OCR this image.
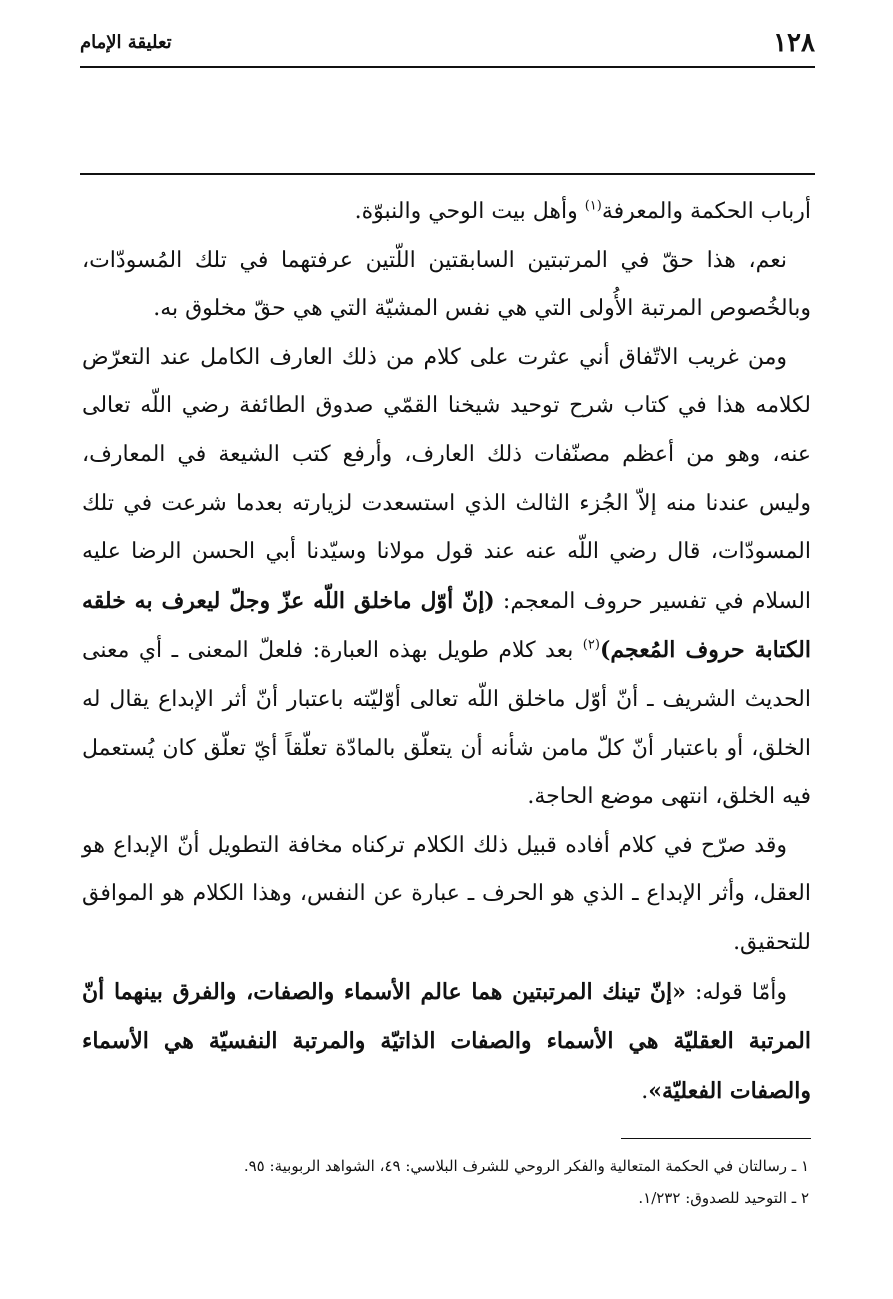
١٢٨
تعليقة الإمام

أرباب الحكمة والمعرفة$^{(١)}$ وأهل بيت الوحي والنبوّة.

نعم، هذا حقّ في المرتبتين السابقتين اللّتين عرفتهما في تلك المُسودّات، وبالخُصوص المرتبة الأُولى التي هي نفس المشيّة التي هي حقّ مخلوق به.

ومن غريب الاتّفاق أني عثرت على كلام من ذلك العارف الكامل عند التعرّض لكلامه هذا في كتاب شرح توحيد شيخنا القمّي صدوق الطائفة رضي اللّه تعالى عنه، وهو من أعظم مصنّفات ذلك العارف، وأرفع كتب الشيعة في المعارف، وليس عندنا منه إلاّ الجُزء الثالث الذي استسعدت لزيارته بعدما شرعت في تلك المسودّات، قال رضي اللّه عنه عند قول مولانا وسيّدنا أبي الحسن الرضا عليه السلام في تفسير حروف المعجم: (إنّ أوّل ماخلق اللّه عزّ وجلّ ليعرف به خلقه الكتابة حروف المُعجم)$^{(٢)}$ بعد كلام طويل بهذه العبارة: فلعلّ المعنى ـ أي معنى الحديث الشريف ـ أنّ أوّل ماخلق اللّه تعالى أوّليّته باعتبار أنّ أثر الإبداع يقال له الخلق، أو باعتبار أنّ كلّ مامن شأنه أن يتعلّق بالمادّة تعلّقاً أيّ تعلّق كان يُستعمل فيه الخلق، انتهى موضع الحاجة.

وقد صرّح في كلام أفاده قبيل ذلك الكلام تركناه مخافة التطويل أنّ الإبداع هو العقل، وأثر الإبداع ـ الذي هو الحرف ـ عبارة عن النفس، وهذا الكلام هو الموافق للتحقيق.

وأمّا قوله: «إنّ تينك المرتبتين هما عالم الأسماء والصفات، والفرق بينهما أنّ المرتبة العقليّة هي الأسماء والصفات الذاتيّة والمرتبة النفسيّة هي الأسماء والصفات الفعليّة».

١ ـ رسالتان في الحكمة المتعالية والفكر الروحي للشرف البلاسي: ٤٩، الشواهد الربوبية: ٩٥.

٢ ـ التوحيد للصدوق: ١/٢٣٢.
